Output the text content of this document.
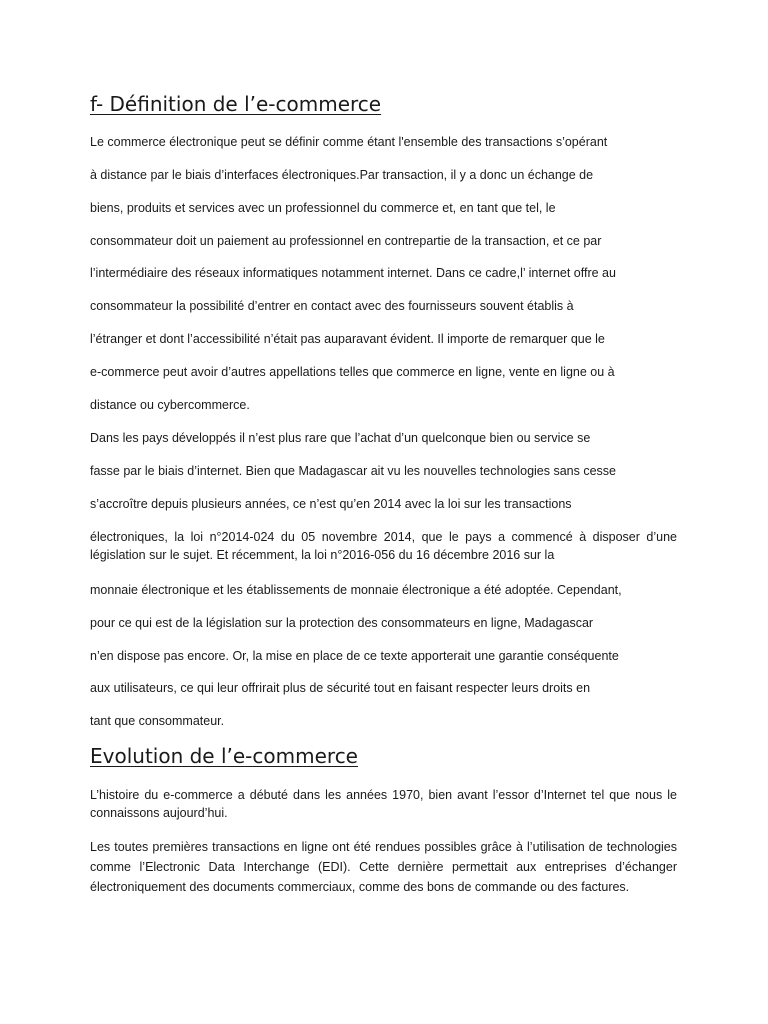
f- Définition de l’e-commerce

Le commerce électronique peut se définir comme étant l'ensemble des transactions s’opérant

à distance par le biais d’interfaces électroniques.Par transaction, il y a donc un échange de

biens, produits et services avec un professionnel du commerce et, en tant que tel, le

consommateur doit un paiement au professionnel en contrepartie de la transaction, et ce par

l’intermédiaire des réseaux informatiques notamment internet. Dans ce cadre,l’ internet offre au

consommateur la possibilité d’entrer en contact avec des fournisseurs souvent établis à

l’étranger et dont l’accessibilité n’était pas auparavant évident. Il importe de remarquer que le

e-commerce peut avoir d’autres appellations telles que commerce en ligne, vente en ligne ou à

distance ou cybercommerce.

Dans les pays développés il n’est plus rare que l’achat d’un quelconque bien ou service se

fasse par le biais d’internet. Bien que Madagascar ait vu les nouvelles technologies sans cesse

s’accroître depuis plusieurs années, ce n’est qu’en 2014 avec la loi sur les transactions

électroniques, la loi n°2014-024 du 05 novembre 2014, que le pays a commencé à disposer d’une

législation sur le sujet. Et récemment, la loi n°2016-056 du 16 décembre 2016 sur la

monnaie électronique et les établissements de monnaie électronique a été adoptée. Cependant,

pour ce qui est de la législation sur la protection des consommateurs en ligne, Madagascar

n’en dispose pas encore. Or, la mise en place de ce texte apporterait une garantie conséquente

aux utilisateurs, ce qui leur offrirait plus de sécurité tout en faisant respecter leurs droits en

tant que consommateur.

Evolution de l’e-commerce

L’histoire du e-commerce a débuté dans les années 1970, bien avant l’essor d’Internet tel que nous le

connaissons aujourd’hui.

Les toutes premières transactions en ligne ont été rendues possibles grâce à l’utilisation de technologies

comme l’Electronic Data Interchange (EDI). Cette dernière permettait aux entreprises d’échanger

électroniquement des documents commerciaux, comme des bons de commande ou des factures.
